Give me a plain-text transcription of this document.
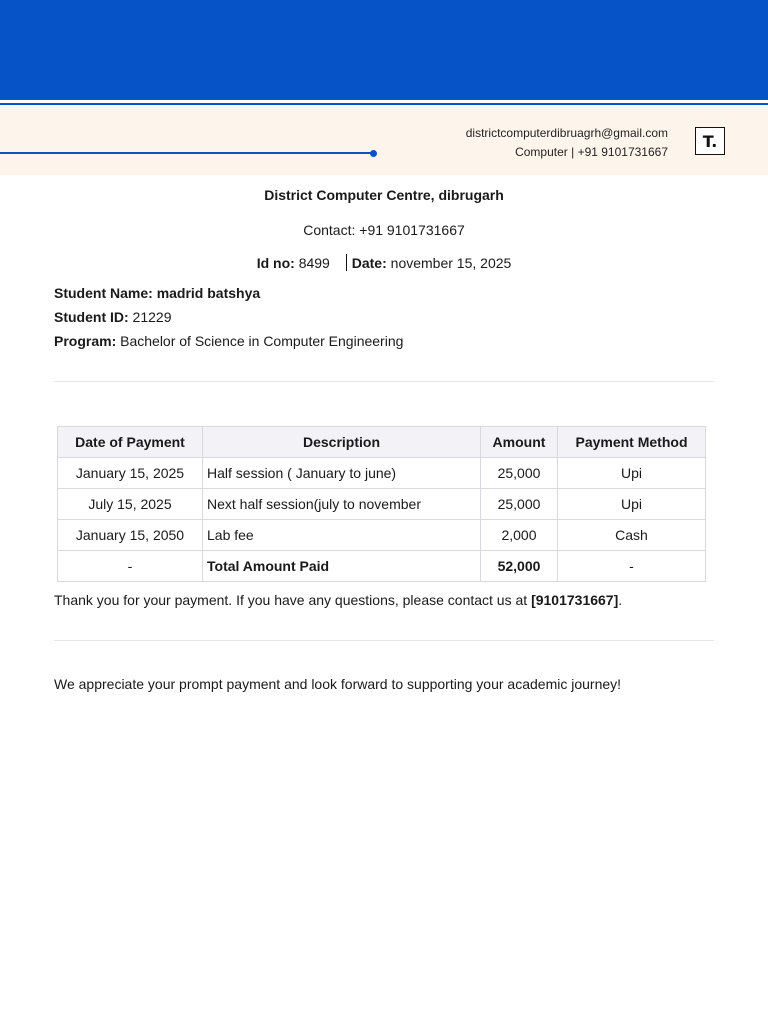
districtcomputerdibruagrh@gmail.com
Computer | +91 9101731667
T.
District Computer Centre, dibrugarh
Contact: +91 9101731667
Id no: 8499 Date: november 15, 2025
Student Name: madrid batshya
Student ID: 21229
Program: Bachelor of Science in Computer Engineering
Date of Payment	Description	Amount	Payment Method
January 15, 2025	Half session ( January to june)	25,000	Upi
July 15, 2025	Next half session(july to november	25,000	Upi
January 15, 2050	Lab fee	2,000	Cash
-	Total Amount Paid	52,000	-
Thank you for your payment. If you have any questions, please contact us at [9101731667].
We appreciate your prompt payment and look forward to supporting your academic journey!
